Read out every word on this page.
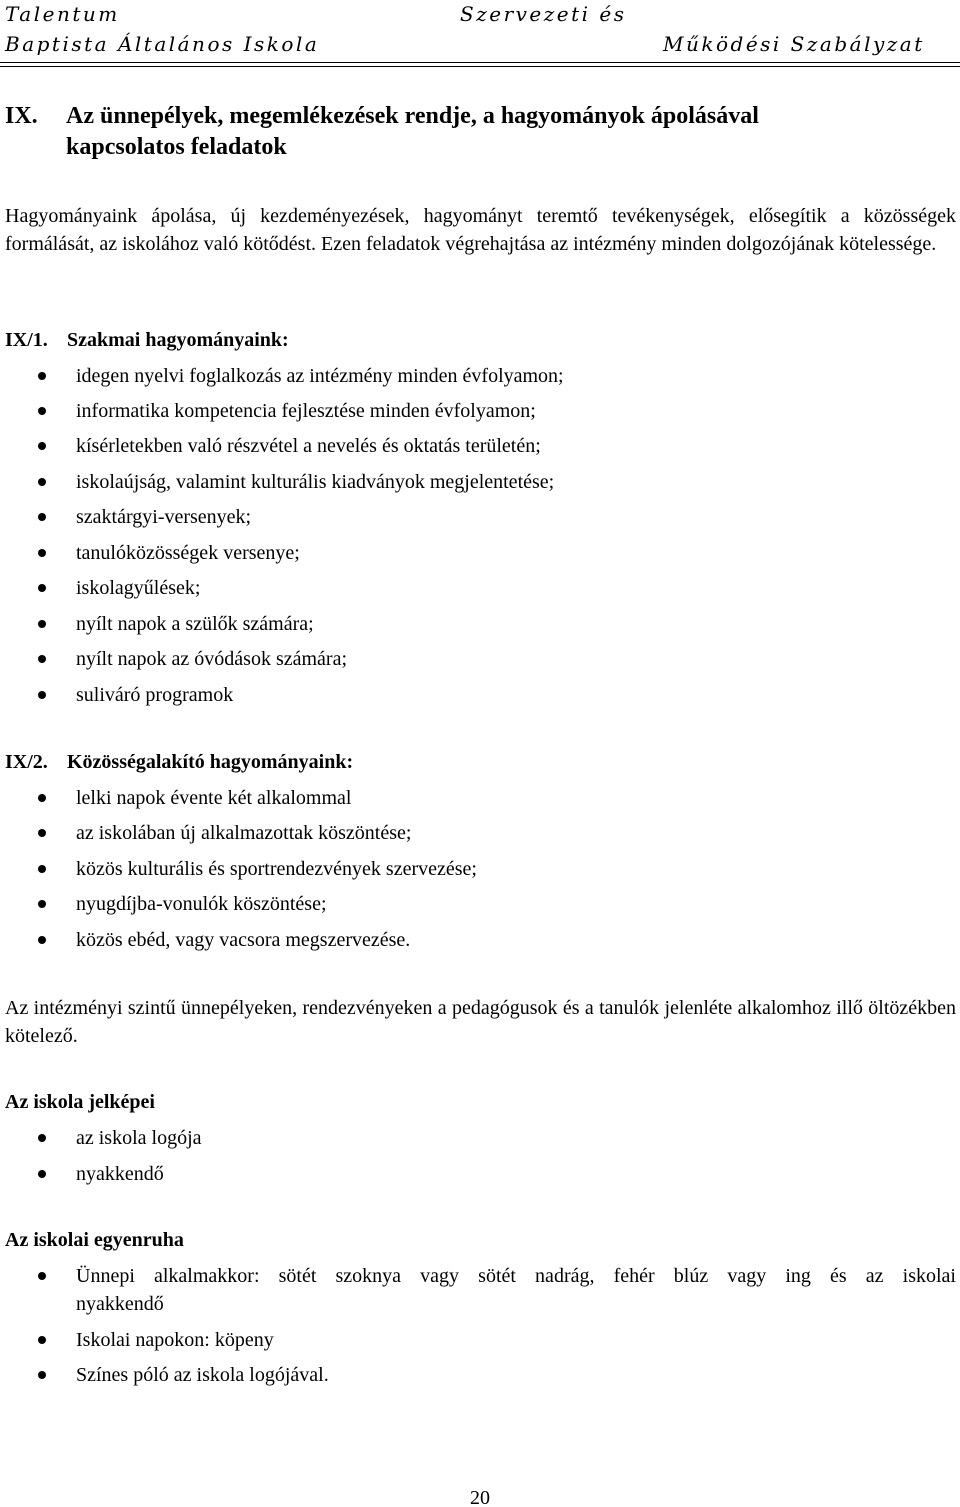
Talentum
Baptista Általános Iskola
Szervezeti és
Működési Szabályzat
IX. Az ünnepélyek, megemlékezések rendje, a hagyományok ápolásával
kapcsolatos feladatok
Hagyományaink ápolása, új kezdeményezések, hagyományt teremtő tevékenységek, elősegítik a közösségek formálását, az iskolához való kötődést. Ezen feladatok végrehajtása az intézmény minden dolgozójának kötelessége.
IX/1. Szakmai hagyományaink:
idegen nyelvi foglalkozás az intézmény minden évfolyamon;
informatika kompetencia fejlesztése minden évfolyamon;
kísérletekben való részvétel a nevelés és oktatás területén;
iskolaújság, valamint kulturális kiadványok megjelentetése;
szaktárgyi-versenyek;
tanulóközösségek versenye;
iskolagyűlések;
nyílt napok a szülők számára;
nyílt napok az óvódások számára;
suliváró programok
IX/2. Közösségalakító hagyományaink:
lelki napok évente két alkalommal
az iskolában új alkalmazottak köszöntése;
közös kulturális és sportrendezvények szervezése;
nyugdíjba-vonulók köszöntése;
közös ebéd, vagy vacsora megszervezése.
Az intézményi szintű ünnepélyeken, rendezvényeken a pedagógusok és a tanulók jelenléte alkalomhoz illő öltözékben kötelező.
Az iskola jelképei
az iskola logója
nyakkendő
Az iskolai egyenruha
Ünnepi alkalmakkor: sötét szoknya vagy sötét nadrág, fehér blúz vagy ing és az iskolai
nyakkendő
Iskolai napokon: köpeny
Színes póló az iskola logójával.
20
